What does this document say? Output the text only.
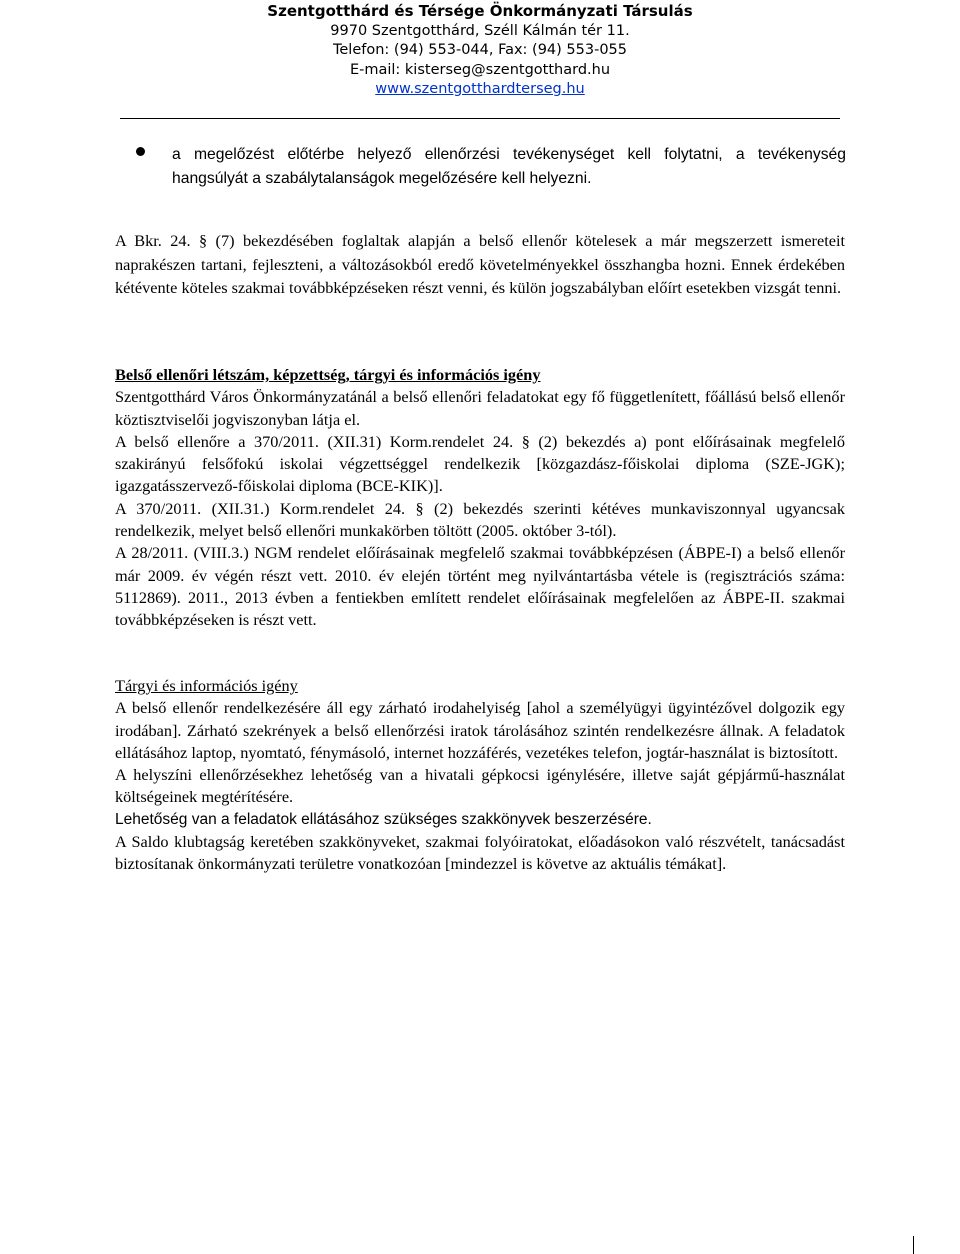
Szentgotthárd és Térsége Önkormányzati Társulás
9970 Szentgotthárd, Széll Kálmán tér 11.
Telefon: (94) 553-044, Fax: (94) 553-055
E-mail: kisterseg@szentgotthard.hu
www.szentgotthardterseg.hu
a megelőzést előtérbe helyező ellenőrzési tevékenységet kell folytatni, a tevékenység hangsúlyát a szabálytalanságok megelőzésére kell helyezni.

A Bkr. 24. § (7) bekezdésében foglaltak alapján a belső ellenőr kötelesek a már megszerzett ismereteit naprakészen tartani, fejleszteni, a változásokból eredő követelményekkel összhangba hozni. Ennek érdekében kétévente köteles szakmai továbbképzéseken részt venni, és külön jogszabályban előírt esetekben vizsgát tenni.

Belső ellenőri létszám, képzettség, tárgyi és információs igény

Szentgotthárd Város Önkormányzatánál a belső ellenőri feladatokat egy fő függetlenített, főállású belső ellenőr köztisztviselői jogviszonyban látja el.

A belső ellenőre a 370/2011. (XII.31) Korm.rendelet 24. § (2) bekezdés a) pont előírásainak megfelelő szakirányú felsőfokú iskolai végzettséggel rendelkezik [közgazdász-főiskolai diploma (SZE-JGK); igazgatásszervező-főiskolai diploma (BCE-KIK)].

A 370/2011. (XII.31.) Korm.rendelet 24. § (2) bekezdés szerinti kétéves munkaviszonnyal ugyancsak rendelkezik, melyet belső ellenőri munkakörben töltött (2005. október 3-tól).

A 28/2011. (VIII.3.) NGM rendelet előírásainak megfelelő szakmai továbbképzésen (ÁBPE-I) a belső ellenőr már 2009. év végén részt vett. 2010. év elején történt meg nyilvántartásba vétele is (regisztrációs száma: 5112869). 2011., 2013 évben a fentiekben említett rendelet előírásainak megfelelően az ÁBPE-II. szakmai továbbképzéseken is részt vett.

Tárgyi és információs igény

A belső ellenőr rendelkezésére áll egy zárható irodahelyiség [ahol a személyügyi ügyintézővel dolgozik egy irodában]. Zárható szekrények a belső ellenőrzési iratok tárolásához szintén rendelkezésre állnak. A feladatok ellátásához laptop, nyomtató, fénymásoló, internet hozzáférés, vezetékes telefon, jogtár-használat is biztosított.

A helyszíni ellenőrzésekhez lehetőség van a hivatali gépkocsi igénylésére, illetve saját gépjármű-használat költségeinek megtérítésére.

Lehetőség van a feladatok ellátásához szükséges szakkönyvek beszerzésére.

A Saldo klubtagság keretében szakkönyveket, szakmai folyóiratokat, előadásokon való részvételt, tanácsadást biztosítanak önkormányzati területre vonatkozóan [mindezzel is követve az aktuális témákat].
